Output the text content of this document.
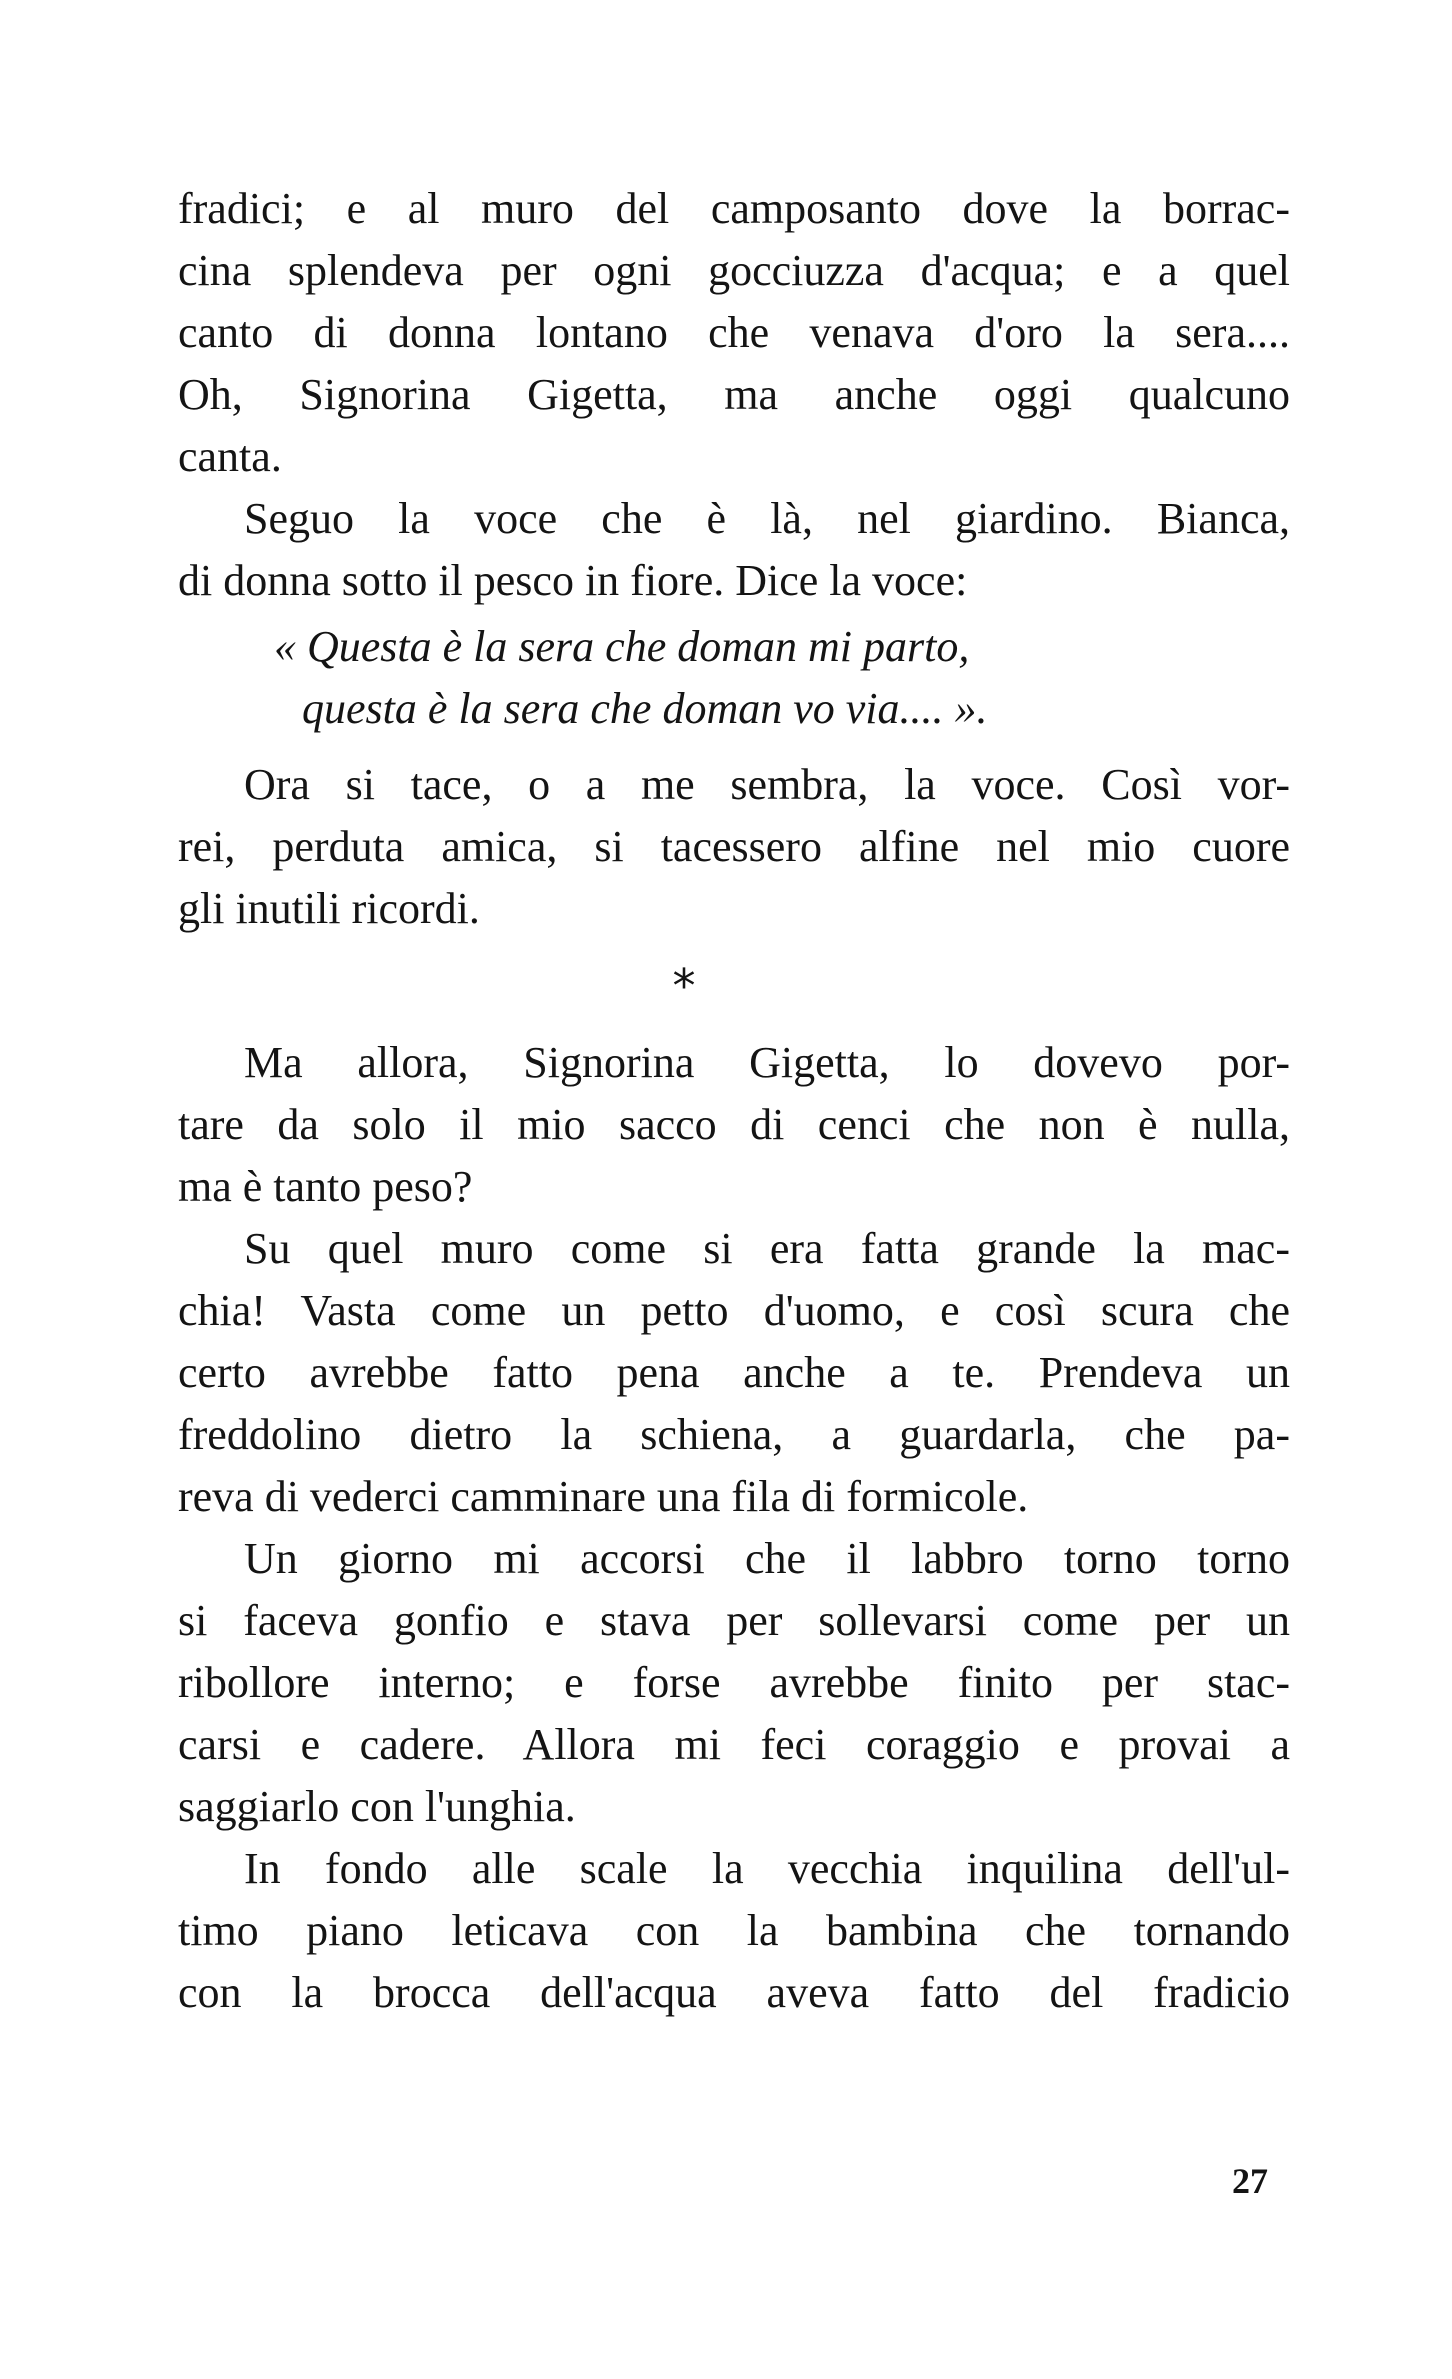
fradici; e al muro del camposanto dove la borrac-
cina splendeva per ogni gocciuzza d'acqua; e a quel
canto di donna lontano che venava d'oro la sera....
Oh, Signorina Gigetta, ma anche oggi qualcuno
canta.
Seguo la voce che è là, nel giardino. Bianca,
di donna sotto il pesco in fiore. Dice la voce:
« Questa è la sera che doman mi parto,
questa è la sera che doman vo via.... ».
Ora si tace, o a me sembra, la voce. Così vor-
rei, perduta amica, si tacessero alfine nel mio cuore
gli inutili ricordi.
*
Ma allora, Signorina Gigetta, lo dovevo por-
tare da solo il mio sacco di cenci che non è nulla,
ma è tanto peso?
Su quel muro come si era fatta grande la mac-
chia! Vasta come un petto d'uomo, e così scura che
certo avrebbe fatto pena anche a te. Prendeva un
freddolino dietro la schiena, a guardarla, che pa-
reva di vederci camminare una fila di formicole.
Un giorno mi accorsi che il labbro torno torno
si faceva gonfio e stava per sollevarsi come per un
ribollore interno; e forse avrebbe finito per stac-
carsi e cadere. Allora mi feci coraggio e provai a
saggiarlo con l'unghia.
In fondo alle scale la vecchia inquilina dell'ul-
timo piano leticava con la bambina che tornando
con la brocca dell'acqua aveva fatto del fradicio
27
